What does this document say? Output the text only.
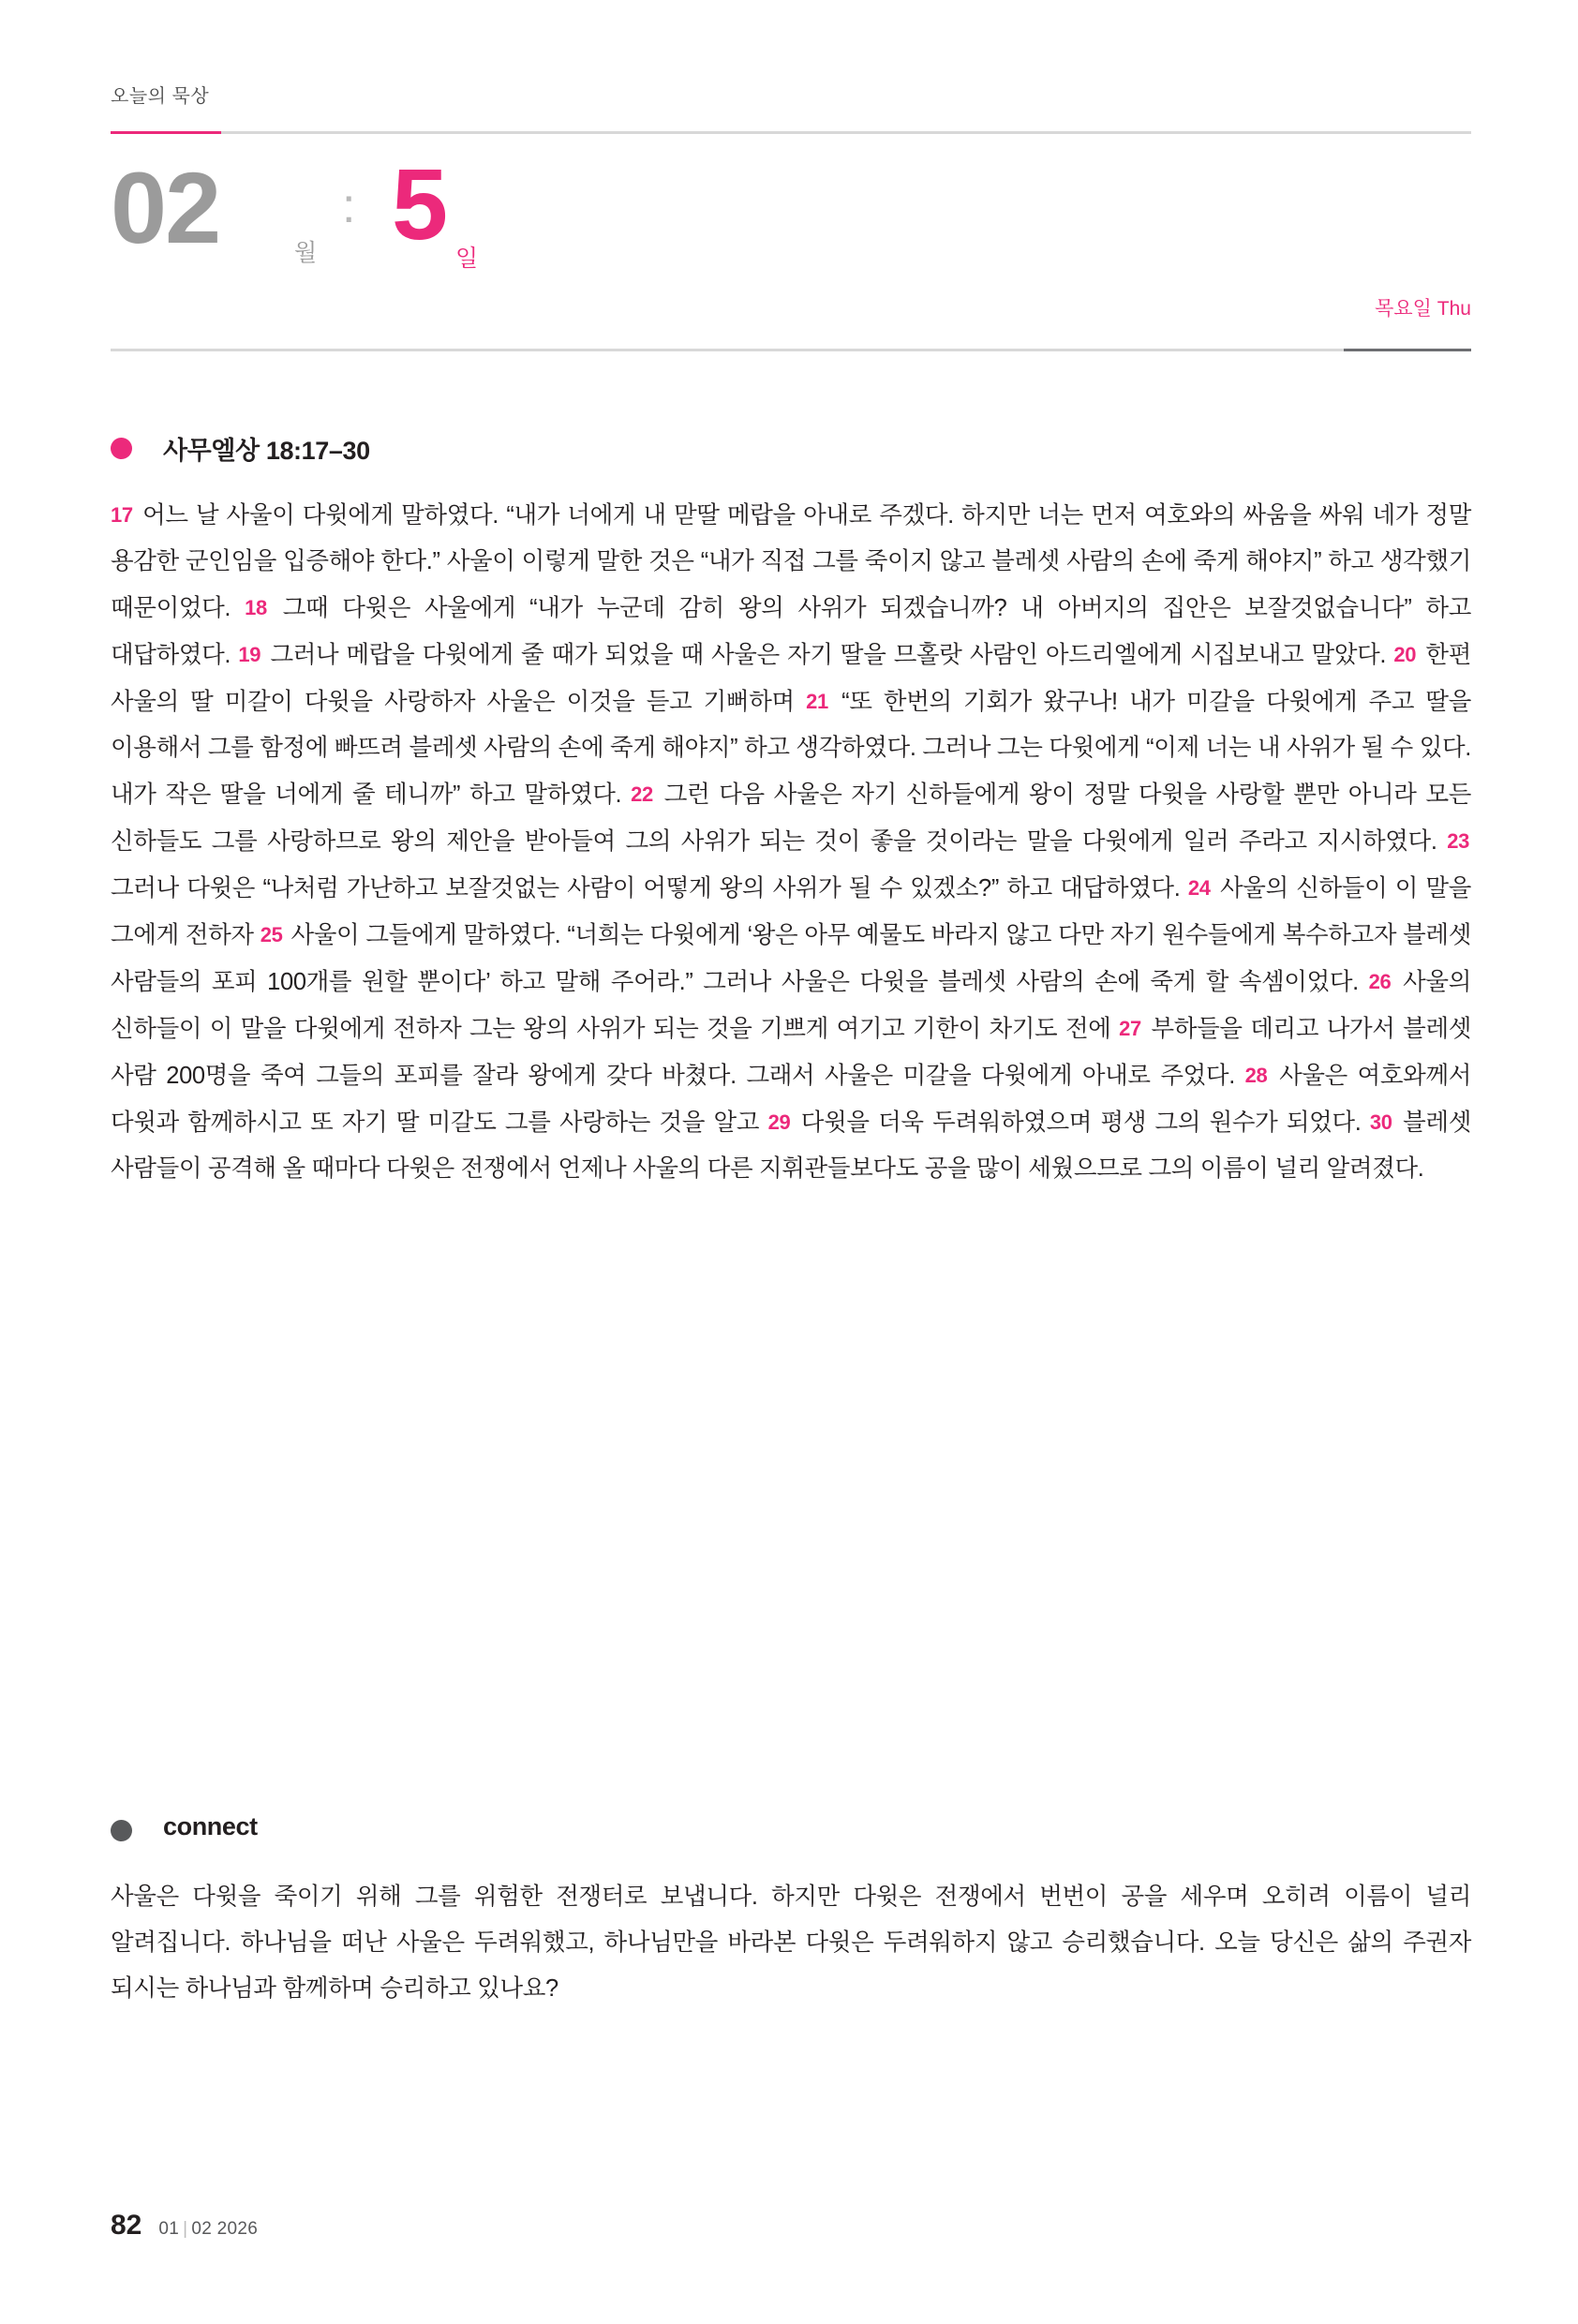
오늘의 묵상
02	월
: 5 일
목요일 Thu
사무엘상 18:17–30
17 어느 날 사울이 다윗에게 말하였다. “내가 너에게 내 맏딸 메랍을 아내로 주겠다. 하지만 너는 먼저 여호와의 싸움을 싸워 네가 정말 용감한 군인임을 입증해야 한다.” 사울이 이렇게 말한 것은 “내가 직접 그를 죽이지 않고 블레셋 사람의 손에 죽게 해야지” 하고 생각했기 때문이었다. 18 그때 다윗은 사울에게 “내가 누군데 감히 왕의 사위가 되겠습니까? 내 아버지의 집안은 보잘것없습니다” 하고 대답하였다. 19 그러나 메랍을 다윗에게 줄 때가 되었을 때 사울은 자기 딸을 므홀랏 사람인 아드리엘에게 시집보내고 말았다. 20 한편 사울의 딸 미갈이 다윗을 사랑하자 사울은 이것을 듣고 기뻐하며 21 “또 한번의 기회가 왔구나! 내가 미갈을 다윗에게 주고 딸을 이용해서 그를 함정에 빠뜨려 블레셋 사람의 손에 죽게 해야지” 하고 생각하였다. 그러나 그는 다윗에게 “이제 너는 내 사위가 될 수 있다. 내가 작은 딸을 너에게 줄 테니까” 하고 말하였다. 22 그런 다음 사울은 자기 신하들에게 왕이 정말 다윗을 사랑할 뿐만 아니라 모든 신하들도 그를 사랑하므로 왕의 제안을 받아들여 그의 사위가 되는 것이 좋을 것이라는 말을 다윗에게 일러 주라고 지시하였다. 23 그러나 다윗은 “나처럼 가난하고 보잘것없는 사람이 어떻게 왕의 사위가 될 수 있겠소?” 하고 대답하였다. 24 사울의 신하들이 이 말을 그에게 전하자 25 사울이 그들에게 말하였다. “너희는 다윗에게 ‘왕은 아무 예물도 바라지 않고 다만 자기 원수들에게 복수하고자 블레셋 사람들의 포피 100개를 원할 뿐이다’ 하고 말해 주어라.” 그러나 사울은 다윗을 블레셋 사람의 손에 죽게 할 속셈이었다. 26 사울의 신하들이 이 말을 다윗에게 전하자 그는 왕의 사위가 되는 것을 기쁘게 여기고 기한이 차기도 전에 27 부하들을 데리고 나가서 블레셋 사람 200명을 죽여 그들의 포피를 잘라 왕에게 갖다 바쳤다. 그래서 사울은 미갈을 다윗에게 아내로 주었다. 28 사울은 여호와께서 다윗과 함께하시고 또 자기 딸 미갈도 그를 사랑하는 것을 알고 29 다윗을 더욱 두려워하였으며 평생 그의 원수가 되었다. 30 블레셋 사람들이 공격해 올 때마다 다윗은 전쟁에서 언제나 사울의 다른 지휘관들보다도 공을 많이 세웠으므로 그의 이름이 널리 알려졌다.
connect
사울은 다윗을 죽이기 위해 그를 위험한 전쟁터로 보냅니다. 하지만 다윗은 전쟁에서 번번이 공을 세우며 오히려 이름이 널리 알려집니다. 하나님을 떠난 사울은 두려워했고, 하나님만을 바라본 다윗은 두려워하지 않고 승리했습니다. 오늘 당신은 삶의 주권자 되시는 하나님과 함께하며 승리하고 있나요?
82 01 | 02 2026
